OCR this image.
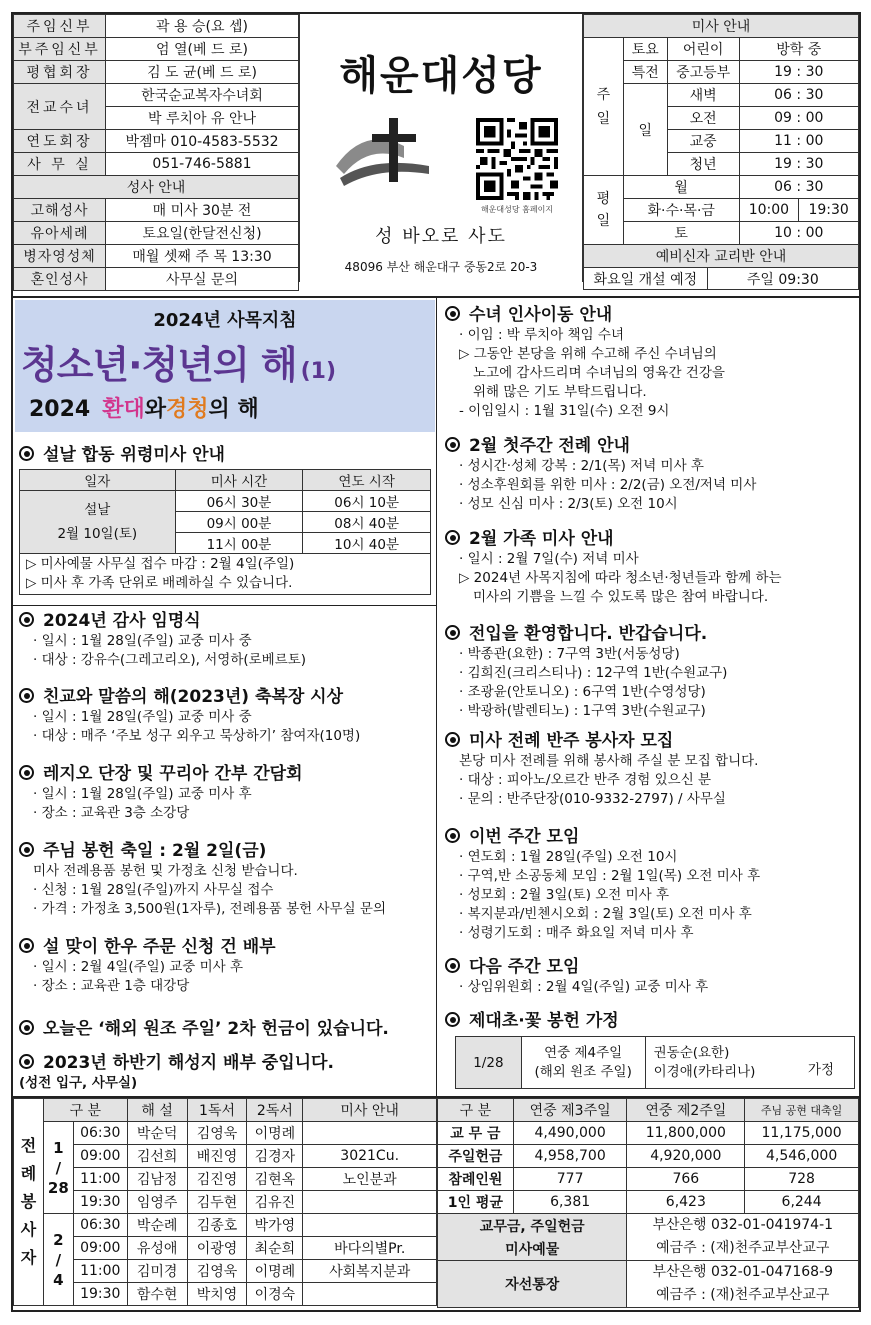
주임신부	곽 용 승(요 셉)
부주임신부	엄 열(베 드 로)
평협회장	김 도 균(베 드 로)
전교수녀	한국순교복자수녀회
	박 루치아 유 안나
연도회장	박젬마 010-4583-5532
사 무 실	051-746-5881
성사 안내	
고해성사	매 미사 30분 전
유아세례	토요일(한달전신청)
병자영성체	매월 셋째 주 목 13:30
혼인성사	사무실 문의
해운대성당
해운대성당 홈페이지
성 바오로 사도
48096 부산 해운대구 중동2로 20-3
미사 안내					
주일	토요	어린이		방학 중	
	특전	중고등부		19 : 30	
	일	새벽		06 : 30	
		오전		09 : 00	
		교중		11 : 00	
		청년		19 : 30	
평일	월			06 : 30	
	화·수·목·금			10:00	19:30
	토			10 : 00	
예비신자 교리반 안내					
화요일 개설 예정			주일 09:30		
2024년 사목지침
청소년·청년의 해 (1)
2024 환대와경청의 해
설날 합동 위령미사 안내
일자	미사 시간	연도 시작

설날
2월 10일(토)	06시 30분	06시 10분
	09시 00분	08시 40분
	11시 00분	10시 40분

▷ 미사예물 사무실 접수 마감 : 2월 4일(주일)
▷ 미사 후 가족 단위로 배례하실 수 있습니다.		
2024년 감사 임명식
· 일시 : 1월 28일(주일) 교중 미사 중
· 대상 : 강유수(그레고리오), 서영하(로베르토)
친교와 말씀의 해(2023년) 축복장 시상
· 일시 : 1월 28일(주일) 교중 미사 중
· 대상 : 매주 ‘주보 성구 외우고 묵상하기’ 참여자(10명)
레지오 단장 및 꾸리아 간부 간담회
· 일시 : 1월 28일(주일) 교중 미사 후
· 장소 : 교육관 3층 소강당
주님 봉헌 축일 : 2월 2일(금)
미사 전례용품 봉헌 및 가정초 신청 받습니다.
· 신청 : 1월 28일(주일)까지 사무실 접수
· 가격 : 가정초 3,500원(1자루), 전례용품 봉헌 사무실 문의
설 맞이 한우 주문 신청 건 배부
· 일시 : 2월 4일(주일) 교중 미사 후
· 장소 : 교육관 1층 대강당
오늘은 ‘해외 원조 주일’ 2차 헌금이 있습니다.
2023년 하반기 해성지 배부 중입니다.
(성전 입구, 사무실)
수녀 인사이동 안내
· 이임 : 박 루치아 책임 수녀
▷ 그동안 본당을 위해 수고해 주신 수녀님의
노고에 감사드리며 수녀님의 영육간 건강을
위해 많은 기도 부탁드립니다.
- 이임일시 : 1월 31일(수) 오전 9시
2월 첫주간 전례 안내
· 성시간·성체 강복 : 2/1(목) 저녁 미사 후
· 성소후원회를 위한 미사 : 2/2(금) 오전/저녁 미사
· 성모 신심 미사 : 2/3(토) 오전 10시
2월 가족 미사 안내
· 일시 : 2월 7일(수) 저녁 미사
▷ 2024년 사목지침에 따라 청소년·청년들과 함께 하는
미사의 기쁨을 느낄 수 있도록 많은 참여 바랍니다.
전입을 환영합니다. 반갑습니다.
· 박종관(요한) : 7구역 3반(서동성당)
· 김희진(크리스티나) : 12구역 1반(수원교구)
· 조광윤(안토니오) : 6구역 1반(수영성당)
· 박광하(발렌티노) : 1구역 3반(수원교구)
미사 전례 반주 봉사자 모집
본당 미사 전례를 위해 봉사해 주실 분 모집 합니다.
· 대상 : 피아노/오르간 반주 경험 있으신 분
· 문의 : 반주단장(010-9332-2797) / 사무실
이번 주간 모임
· 연도회 : 1월 28일(주일) 오전 10시
· 구역,반 소공동체 모임 : 2월 1일(목) 오전 미사 후
· 성모회 : 2월 3일(토) 오전 미사 후
· 복지분과/빈첸시오회 : 2월 3일(토) 오전 미사 후
· 성령기도회 : 매주 화요일 저녁 미사 후
다음 주간 모임
· 상임위원회 : 2월 4일(주일) 교중 미사 후
제대초·꽃 봉헌 가정
1/28	
연중 제4주일
(해외 원조 주일)

권동순(요한)
이경애(카타리나)	가정
전
례
봉
사
자	구 분		해 설	1독서	2독서	미사 안내

	1
/
28	06:30	박순덕	김영욱	이명례	
		09:00	김선희	배진영	김경자	3021Cu.
		11:00	김남정	김진영	김현옥	노인분과
		19:30	임영주	김두현	김유진	

	2
/
4	06:30	박순례	김종호	박가영	
		09:00	유성애	이광영	최순희	바다의별Pr.
		11:00	김미경	김영욱	이명례	사회복지분과
		19:30	함수현	박치영	이경숙	
구 분	연중 제3주일	연중 제2주일	주님 공현 대축일
교 무 금	4,490,000	11,800,000	11,175,000
주일헌금	4,958,700	4,920,000	4,546,000
참례인원	777	766	728
1인 평균	6,381	6,423	6,244
교무금, 주일헌금		부산은행 032-01-041974-1
예금주 : (재)천주교부산교구	

미사예물			
자선통장		부산은행 032-01-047168-9
예금주 : (재)천주교부산교구	
